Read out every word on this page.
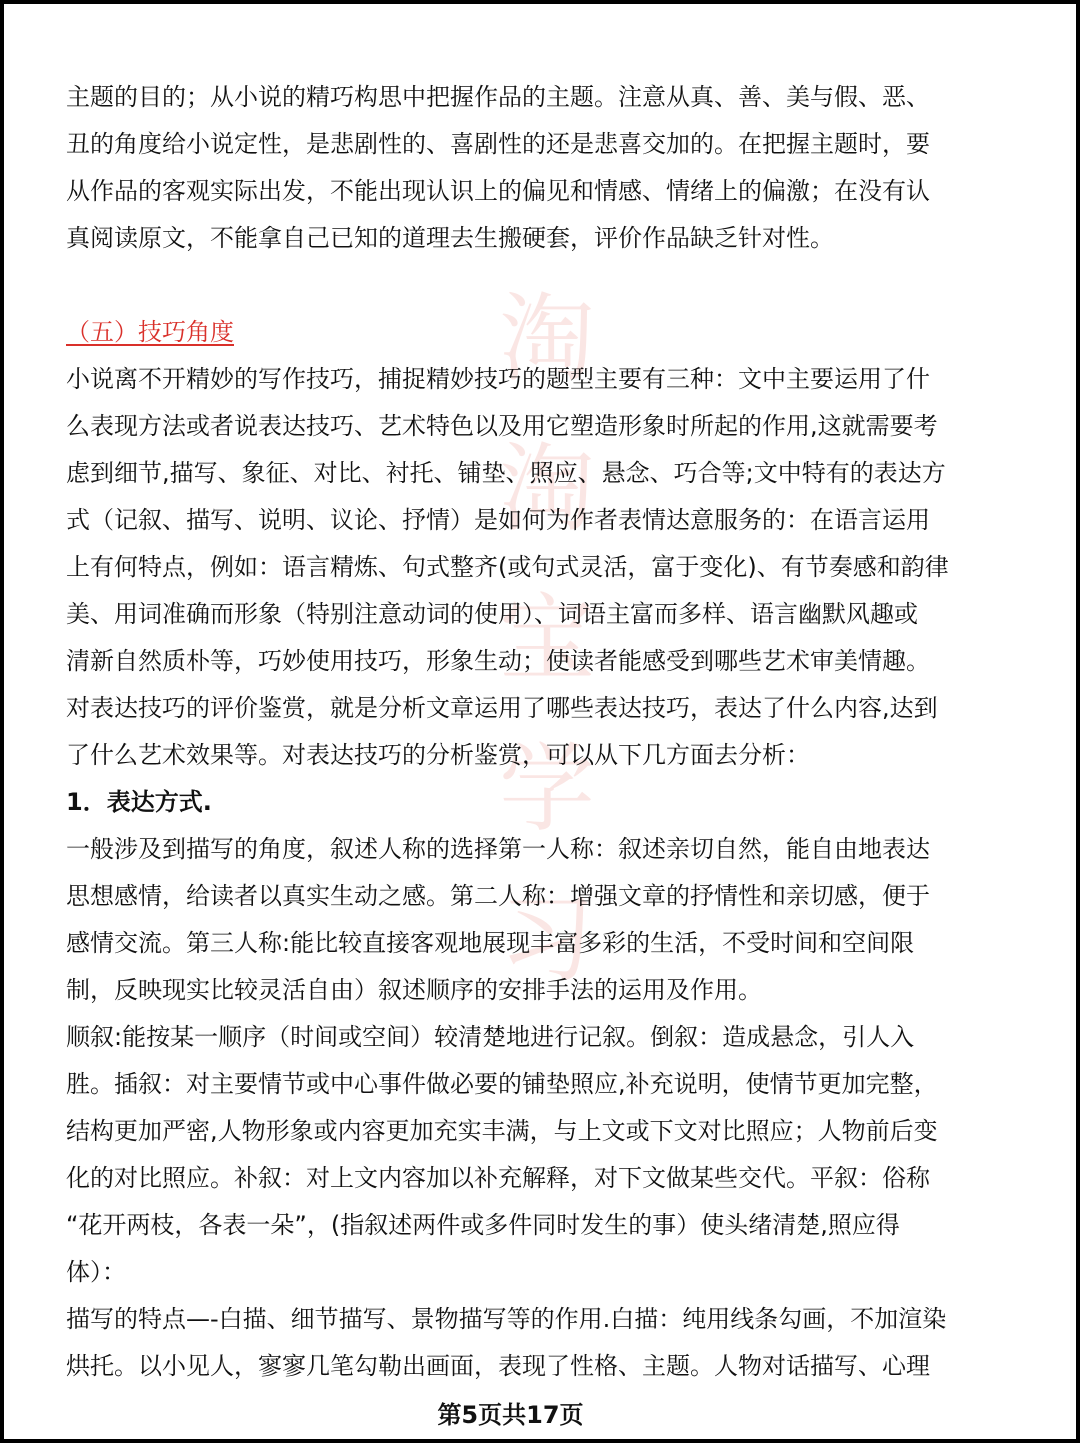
淘
淘
宝
学
习
主题的目的；从小说的精巧构思中把握作品的主题。注意从真、善、美与假、恶、
丑的角度给小说定性，是悲剧性的、喜剧性的还是悲喜交加的。在把握主题时，要
从作品的客观实际出发，不能出现认识上的偏见和情感、情绪上的偏激；在没有认
真阅读原文，不能拿自己已知的道理去生搬硬套，评价作品缺乏针对性。
（五）技巧角度
小说离不开精妙的写作技巧，捕捉精妙技巧的题型主要有三种：文中主要运用了什
么表现方法或者说表达技巧、艺术特色以及用它塑造形象时所起的作用,这就需要考
虑到细节,描写、象征、对比、衬托、铺垫、照应、悬念、巧合等;文中特有的表达方
式（记叙、描写、说明、议论、抒情）是如何为作者表情达意服务的：在语言运用
上有何特点，例如：语言精炼、句式整齐(或句式灵活，富于变化)、有节奏感和韵律
美、用词准确而形象（特别注意动词的使用）、词语主富而多样、语言幽默风趣或
清新自然质朴等，巧妙使用技巧，形象生动；使读者能感受到哪些艺术审美情趣。
对表达技巧的评价鉴赏，就是分析文章运用了哪些表达技巧，表达了什么内容,达到
了什么艺术效果等。对表达技巧的分析鉴赏，可以从下几方面去分析：
1．表达方式.
一般涉及到描写的角度，叙述人称的选择第一人称：叙述亲切自然，能自由地表达
思想感情，给读者以真实生动之感。第二人称：增强文章的抒情性和亲切感，便于
感情交流。第三人称:能比较直接客观地展现丰富多彩的生活，不受时间和空间限
制，反映现实比较灵活自由）叙述顺序的安排手法的运用及作用。
顺叙:能按某一顺序（时间或空间）较清楚地进行记叙。倒叙：造成悬念，引人入
胜。插叙：对主要情节或中心事件做必要的铺垫照应,补充说明，使情节更加完整，
结构更加严密,人物形象或内容更加充实丰满，与上文或下文对比照应；人物前后变
化的对比照应。补叙：对上文内容加以补充解释，对下文做某些交代。平叙：俗称
“花开两枝，各表一朵”，(指叙述两件或多件同时发生的事）使头绪清楚,照应得
体）：
描写的特点—-白描、细节描写、景物描写等的作用.白描：纯用线条勾画，不加渲染
烘托。以小见人，寥寥几笔勾勒出画面，表现了性格、主题。人物对话描写、心理
第5页共17页
